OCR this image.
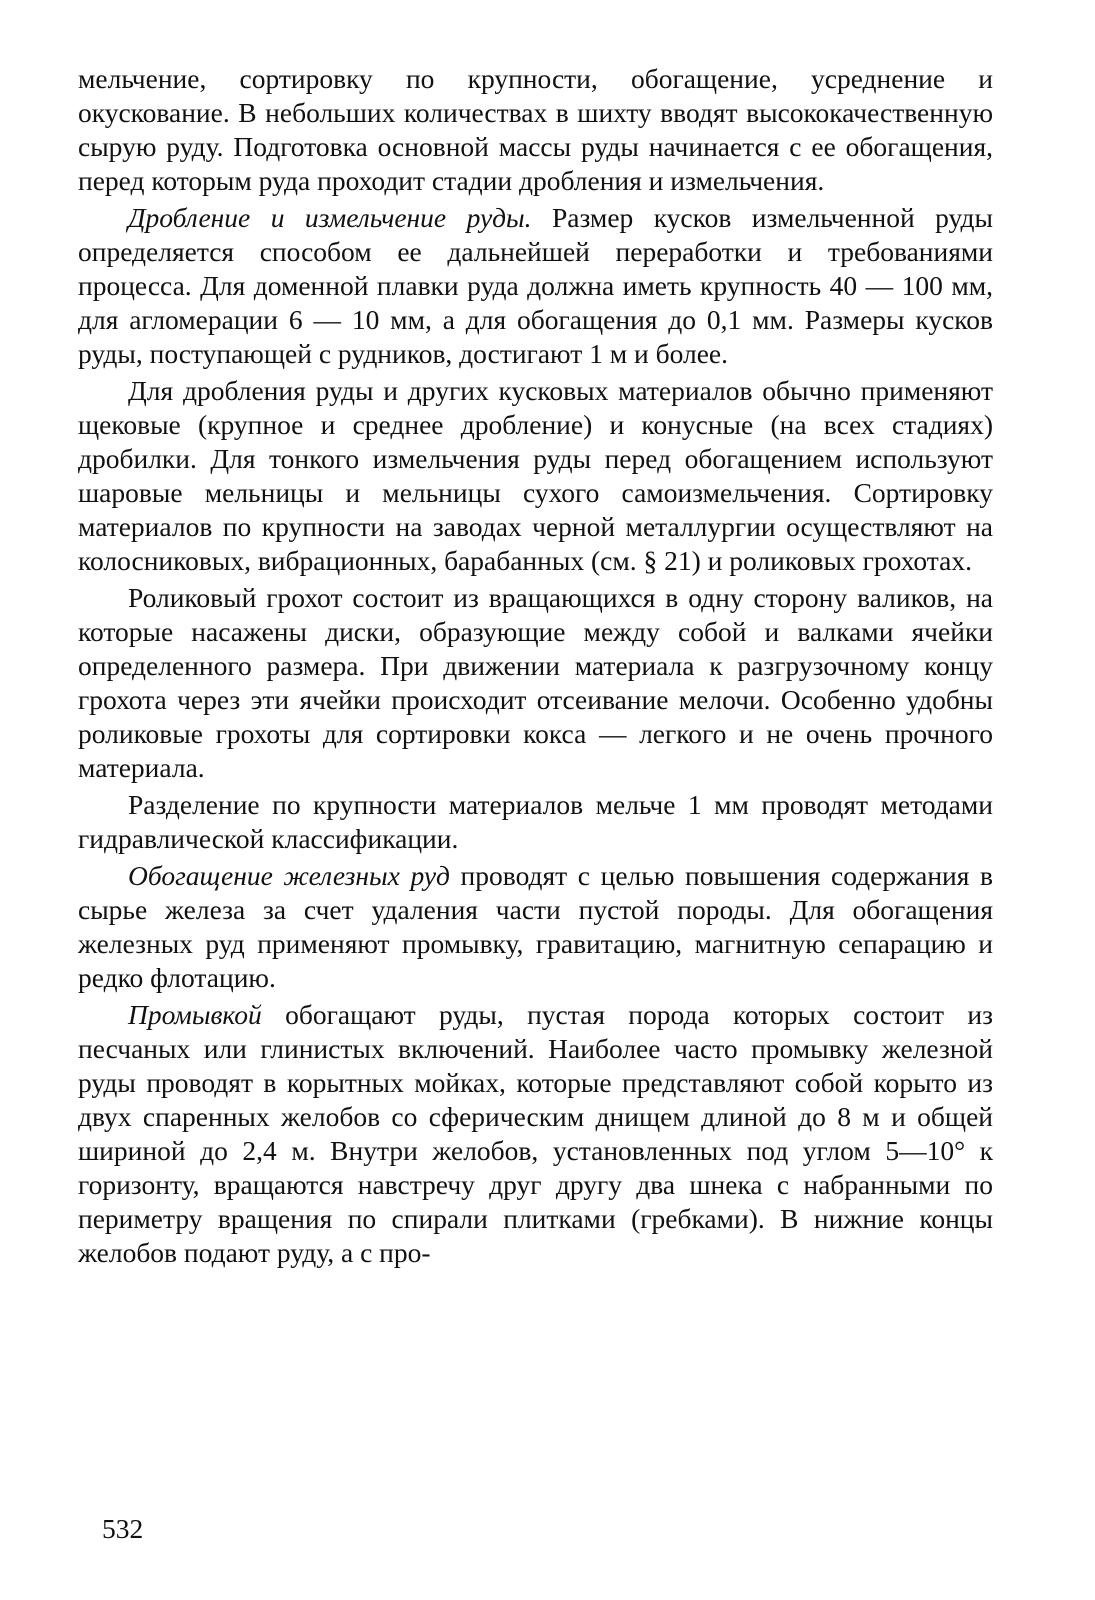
мельчение, сортировку по крупности, обогащение, усреднение и окускование. В небольших количествах в шихту вводят высококачественную сырую руду. Подготовка основной массы руды начинается с ее обогащения, перед которым руда проходит стадии дробления и измельчения.

Дробление и измельчение руды. Размер кусков измельченной руды определяется способом ее дальнейшей переработки и требованиями процесса. Для доменной плавки руда должна иметь крупность 40 — 100 мм, для агломерации 6 — 10 мм, а для обогащения до 0,1 мм. Размеры кусков руды, поступающей с рудников, достигают 1 м и более.

Для дробления руды и других кусковых материалов обычно применяют щековые (крупное и среднее дробление) и конусные (на всех стадиях) дробилки. Для тонкого измельчения руды перед обогащением используют шаровые мельницы и мельницы сухого самоизмельчения. Сортировку материалов по крупности на заводах черной металлургии осуществляют на колосниковых, вибрационных, барабанных (см. § 21) и роликовых грохотах.

Роликовый грохот состоит из вращающихся в одну сторону валиков, на которые насажены диски, образующие между собой и валками ячейки определенного размера. При движении материала к разгрузочному концу грохота через эти ячейки происходит отсеивание мелочи. Особенно удобны роликовые грохоты для сортировки кокса — легкого и не очень прочного материала.

Разделение по крупности материалов мельче 1 мм проводят методами гидравлической классификации.

Обогащение железных руд проводят с целью повышения содержания в сырье железа за счет удаления части пустой породы. Для обогащения железных руд применяют промывку, гравитацию, магнитную сепарацию и редко флотацию.

Промывкой обогащают руды, пустая порода которых состоит из песчаных или глинистых включений. Наиболее часто промывку железной руды проводят в корытных мойках, которые представляют собой корыто из двух спаренных желобов со сферическим днищем длиной до 8 м и общей шириной до 2,4 м. Внутри желобов, установленных под углом 5—10° к горизонту, вращаются навстречу друг другу два шнека с набранными по периметру вращения по спирали плитками (гребками). В нижние концы желобов подают руду, а с про-

532
